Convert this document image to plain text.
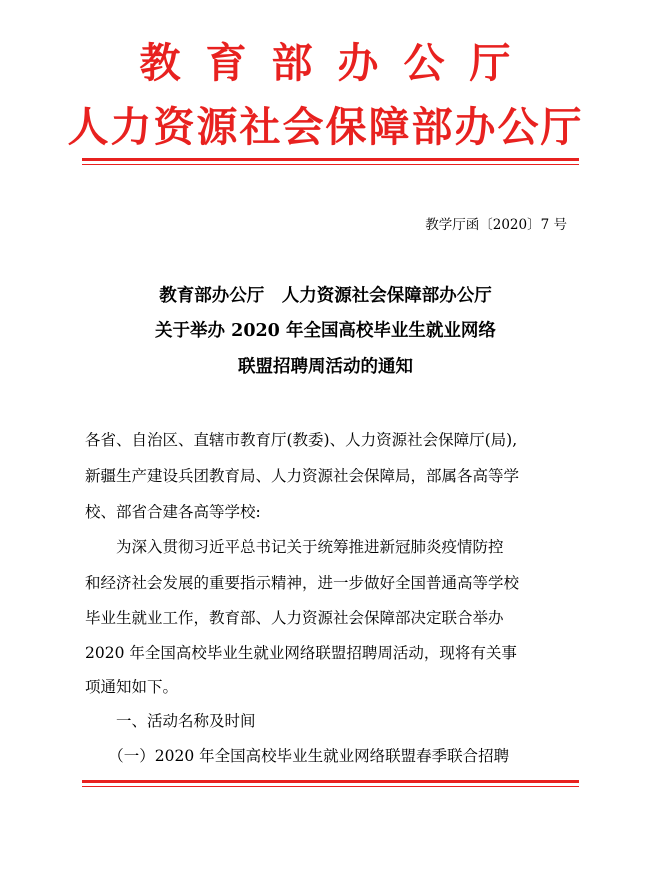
教育部办公厅
人力资源社会保障部办公厅
教学厅函〔2020〕7 号
教育部办公厅　人力资源社会保障部办公厅
关于举办 2020 年全国高校毕业生就业网络
联盟招聘周活动的通知
各省、自治区、直辖市教育厅(教委)、人力资源社会保障厅(局),
新疆生产建设兵团教育局、人力资源社会保障局，部属各高等学
校、部省合建各高等学校:
　　为深入贯彻习近平总书记关于统筹推进新冠肺炎疫情防控
和经济社会发展的重要指示精神，进一步做好全国普通高等学校
毕业生就业工作，教育部、人力资源社会保障部决定联合举办
2020 年全国高校毕业生就业网络联盟招聘周活动，现将有关事
项通知如下。
　　一、活动名称及时间
　　（一）2020 年全国高校毕业生就业网络联盟春季联合招聘
